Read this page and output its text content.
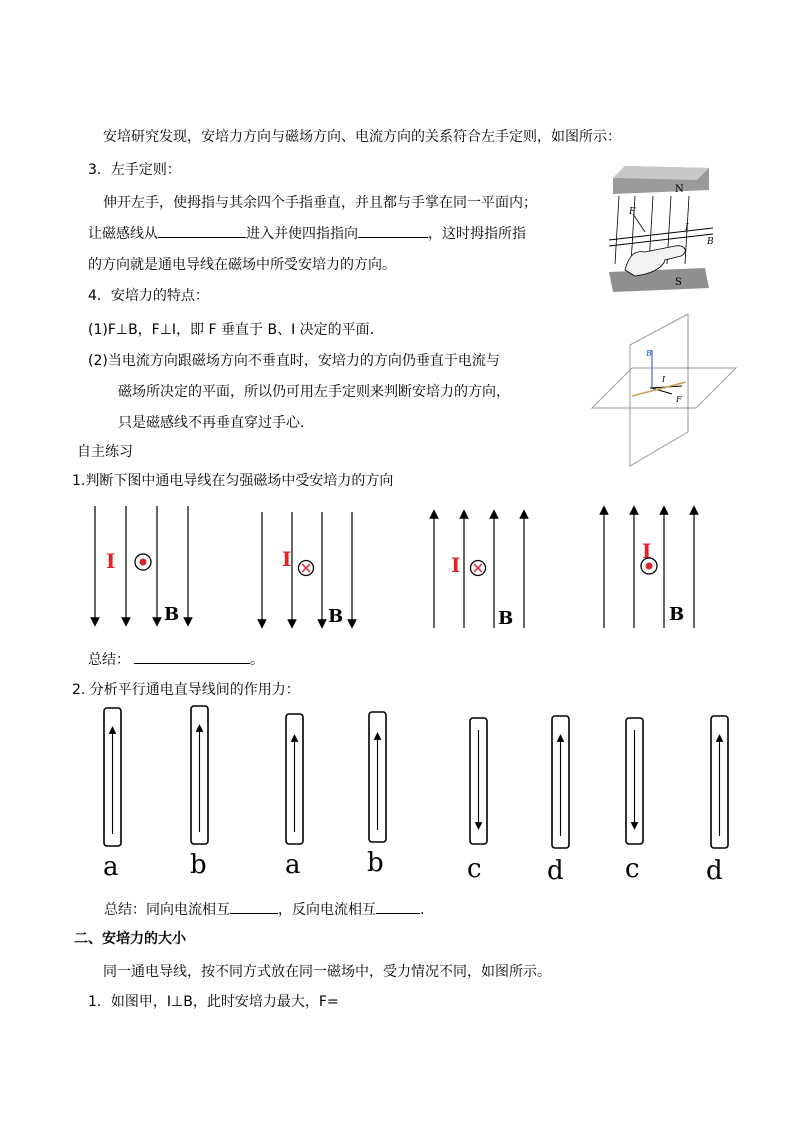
安培研究发现，安培力方向与磁场方向、电流方向的关系符合左手定则，如图所示：
3．左手定则：
伸开左手，使拇指与其余四个手指垂直，并且都与手掌在同一平面内；
让磁感线从	进入并使四指指向	，这时拇指所指
的方向就是通电导线在磁场中所受安培力的方向。
N
S
F
I
B
4．安培力的特点：
(1)F⊥B，F⊥I，即 F 垂直于 B、I 决定的平面．
(2)当电流方向跟磁场方向不垂直时，安培力的方向仍垂直于电流与
磁场所决定的平面，所以仍可用左手定则来判断安培力的方向，
只是磁感线不再垂直穿过手心.
B
I
F
自主练习
1.判断下图中通电导线在匀强磁场中受安培力的方向
I
B
I
B
I
B
I
B
总结：	。
2. 分析平行通电直导线间的作用力：
a	b	a	b	c	d c	d
总结：同向电流相互	，反向电流相互	.
二、安培力的大小
同一通电导线，按不同方式放在同一磁场中，受力情况不同，如图所示。
1．如图甲，I⊥B，此时安培力最大，F=
